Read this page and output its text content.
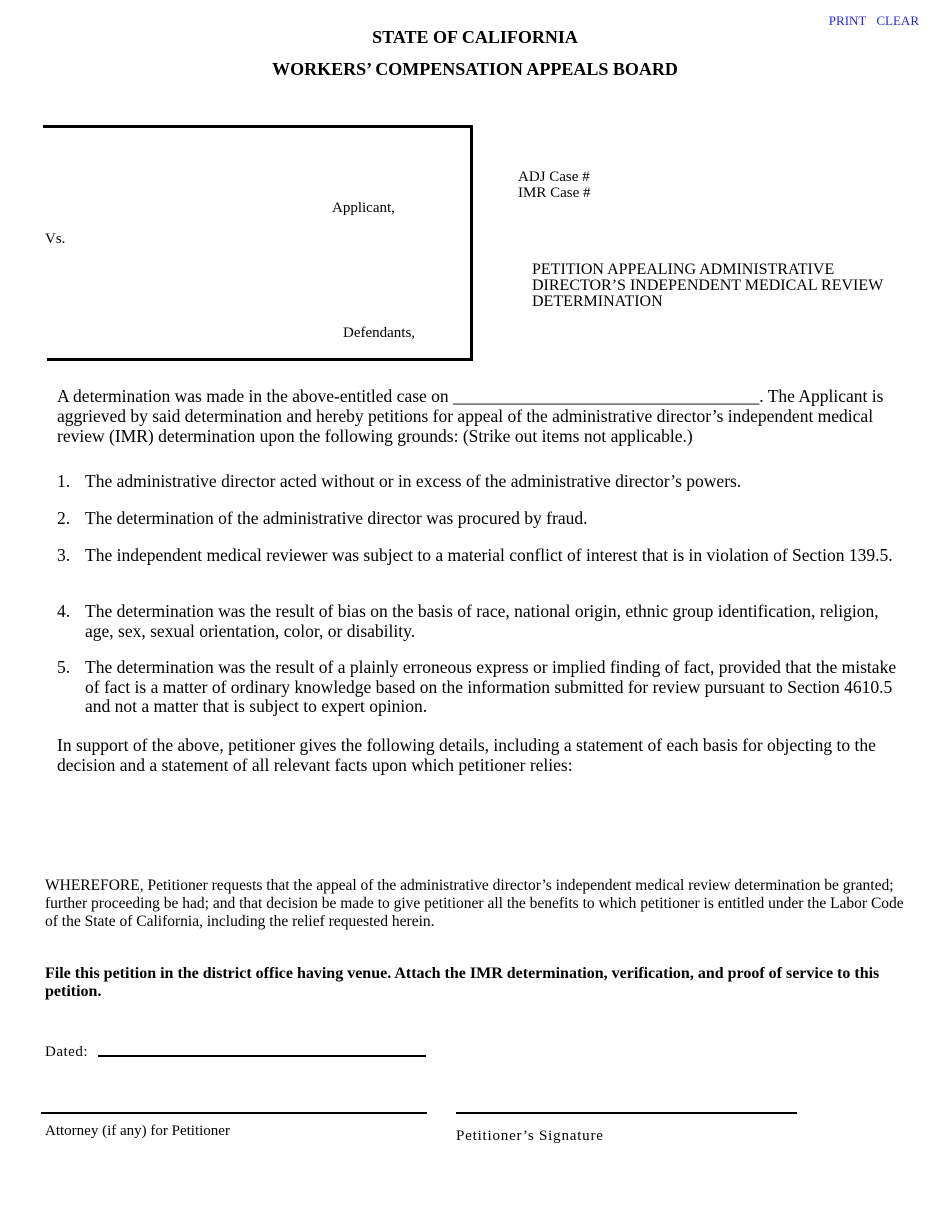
PRINT CLEAR
STATE OF CALIFORNIA
WORKERS’ COMPENSATION APPEALS BOARD
Applicant,
Vs.
Defendants,
ADJ Case #
IMR Case #
PETITION APPEALING ADMINISTRATIVE DIRECTOR’S INDEPENDENT MEDICAL REVIEW DETERMINATION
A determination was made in the above-entitled case on ___________________________________. The Applicant is aggrieved by said determination and hereby petitions for appeal of the administrative director’s independent medical review (IMR) determination upon the following grounds: (Strike out items not applicable.)
1. The administrative director acted without or in excess of the administrative director’s powers.
2. The determination of the administrative director was procured by fraud.
3. The independent medical reviewer was subject to a material conflict of interest that is in violation of Section 139.5.
4. The determination was the result of bias on the basis of race, national origin, ethnic group identification, religion, age, sex, sexual orientation, color, or disability.
5. The determination was the result of a plainly erroneous express or implied finding of fact, provided that the mistake of fact is a matter of ordinary knowledge based on the information submitted for review pursuant to Section 4610.5 and not a matter that is subject to expert opinion.
In support of the above, petitioner gives the following details, including a statement of each basis for objecting to the decision and a statement of all relevant facts upon which petitioner relies:
WHEREFORE, Petitioner requests that the appeal of the administrative director’s independent medical review determination be granted; further proceeding be had; and that decision be made to give petitioner all the benefits to which petitioner is entitled under the Labor Code of the State of California, including the relief requested herein.
File this petition in the district office having venue. Attach the IMR determination, verification, and proof of service to this petition.
Dated:
Attorney (if any) for Petitioner	Petitioner’s Signature
